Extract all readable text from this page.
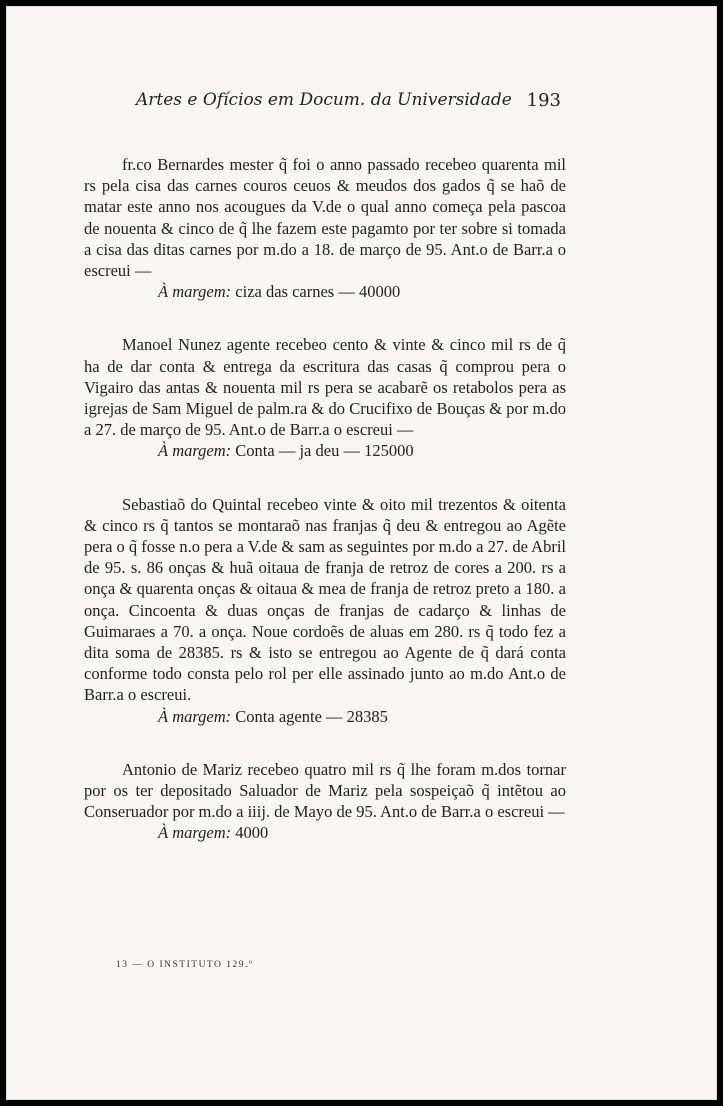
Artes e Ofícios em Docum. da Universidade 193

fr.co Bernardes mester q̃ foi o anno passado recebeo quarenta mil rs pela cisa das carnes couros ceuos & meudos dos gados q̃ se haõ de matar este anno nos acougues da V.de o qual anno começa pela pascoa de nouenta & cinco de q̃ lhe fazem este pagamto por ter sobre si tomada a cisa das ditas carnes por m.do a 18. de março de 95. Ant.o de Barr.a o escreui —

À margem: ciza das carnes — 40000

Manoel Nunez agente recebeo cento & vinte & cinco mil rs de q̃ ha de dar conta & entrega da escritura das casas q̃ comprou pera o Vigairo das antas & nouenta mil rs pera se acabarẽ os retabolos pera as igrejas de Sam Miguel de palm.ra & do Crucifixo de Bouças & por m.do a 27. de março de 95. Ant.o de Barr.a o escreui —

À margem: Conta — ja deu — 125000

Sebastiaõ do Quintal recebeo vinte & oito mil trezentos & oitenta & cinco rs q̃ tantos se montaraõ nas franjas q̃ deu & entregou ao Agẽte pera o q̃ fosse n.o pera a V.de & sam as seguintes por m.do a 27. de Abril de 95. s. 86 onças & huã oitaua de franja de retroz de cores a 200. rs a onça & quarenta onças & oitaua & mea de franja de retroz preto a 180. a onça. Cincoenta & duas onças de franjas de cadarço & linhas de Guimaraes a 70. a onça. Noue cordoẽs de aluas em 280. rs q̃ todo fez a dita soma de 28385. rs & isto se entregou ao Agente de q̃ dará conta conforme todo consta pelo rol per elle assinado junto ao m.do Ant.o de Barr.a o escreui.

À margem: Conta agente — 28385

Antonio de Mariz recebeo quatro mil rs q̃ lhe foram m.dos tornar por os ter depositado Saluador de Mariz pela sospeiçaõ q̃ intẽtou ao Conseruador por m.do a iiij. de Mayo de 95. Ant.o de Barr.a o escreui —

À margem: 4000

13 — O INSTITUTO 129.º
